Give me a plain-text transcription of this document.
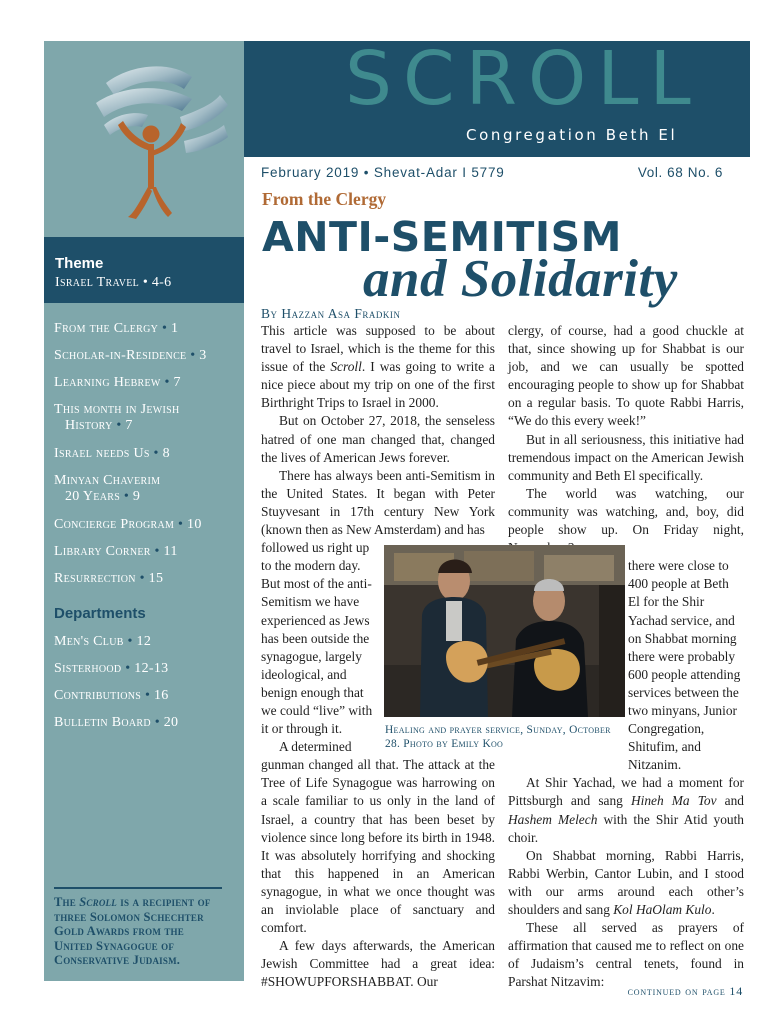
SCROLL
Congregation Beth El
Theme
Israel Travel • 4-6
From the Clergy • 1
Scholar-in-Residence • 3
Learning Hebrew • 7
This month in Jewish
History • 7
Israel needs Us • 8
Minyan Chaverim
20 Years • 9
Concierge Program • 10
Library Corner • 11
Resurrection • 15
Departments
Men's Club • 12
Sisterhood • 12-13
Contributions • 16
Bulletin Board • 20

The Scroll is a recipient of three Solomon Schechter Gold Awards from the United Synagogue of Conservative Judaism.

February 2019 • Shevat-Adar I 5779	Vol. 68 No. 6
From the Clergy
ANTI-SEMITISM
and Solidarity
By Hazzan Asa Fradkin

This article was supposed to be about travel to Israel, which is the theme for this issue of the Scroll. I was going to write a nice piece about my trip on one of the first Birthright Trips to Israel in 2000.

But on October 27, 2018, the senseless hatred of one man changed that, changed the lives of American Jews forever.

There has always been anti-Semitism in the United States. It began with Peter Stuyvesant in 17th century New York (known then as New Amsterdam) and has

followed us right up to the modern day. But most of the anti-Semitism we have experienced as Jews has been outside the synagogue, largely ideological, and benign enough that we could “live” with it or through it.

A determined

gunman changed all that. The attack at the Tree of Life Synagogue was harrowing on a scale familiar to us only in the land of Israel, a country that has been beset by violence since long before its birth in 1948. It was absolutely horrifying and shocking that this happened in an American synagogue, in what we once thought was an inviolable place of sanctuary and comfort.

A few days afterwards, the American Jewish Committee had a great idea: #SHOWUPFORSHABBAT. Our

clergy, of course, had a good chuckle at that, since showing up for Shabbat is our job, and we can usually be spotted encouraging people to show up for Shabbat on a regular basis. To quote Rabbi Harris, “We do this every week!”

But in all seriousness, this initiative had tremendous impact on the American Jewish community and Beth El specifically.

The world was watching, our community was watching, and, boy, did people show up. On Friday night,

there were close to 400 people at Beth El for the Shir Yachad service, and on Shabbat morning there were probably 600 people attending services between the two minyans, Junior Congregation, Shitufim, and Nitzanim.

At Shir Yachad, we had a moment for Pittsburgh and sang Hineh Ma Tov and Hashem Melech with the Shir Atid youth choir.

On Shabbat morning, Rabbi Harris, Rabbi Werbin, Cantor Lubin, and I stood with our arms around each other’s shoulders and sang Kol HaOlam Kulo.

These all served as prayers of affirmation that caused me to reflect on one of Judaism’s central tenets, found in Parshat Nitzavim:

Healing and prayer service, Sunday, October 28. Photo by Emily Koo
continued on page 14
